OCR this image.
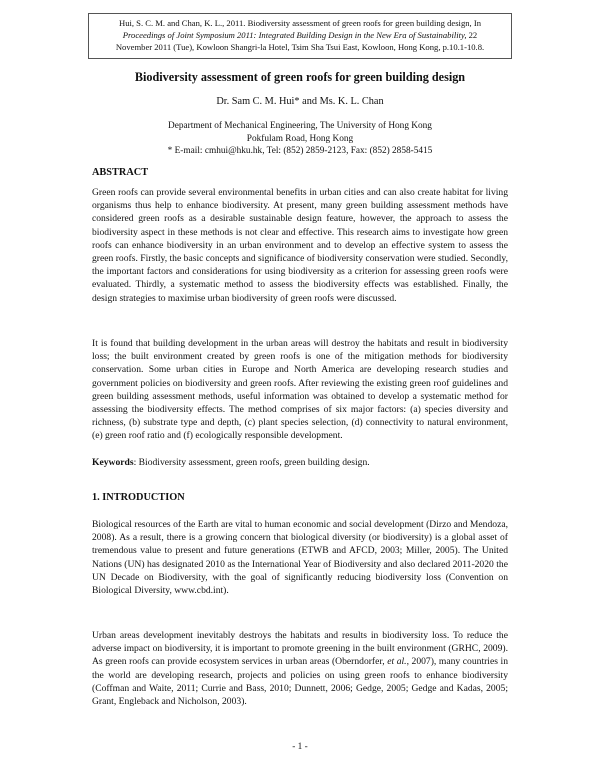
Hui, S. C. M. and Chan, K. L., 2011. Biodiversity assessment of green roofs for green building design, In
Proceedings of Joint Symposium 2011: Integrated Building Design in the New Era of Sustainability, 22
November 2011 (Tue), Kowloon Shangri-la Hotel, Tsim Sha Tsui East, Kowloon, Hong Kong, p.10.1-10.8.
Biodiversity assessment of green roofs for green building design
Dr. Sam C. M. Hui* and Ms. K. L. Chan
Department of Mechanical Engineering, The University of Hong Kong
Pokfulam Road, Hong Kong
* E-mail: cmhui@hku.hk, Tel: (852) 2859-2123, Fax: (852) 2858-5415
ABSTRACT

Green roofs can provide several environmental benefits in urban cities and can also create habitat for living organisms thus help to enhance biodiversity. At present, many green building assessment methods have considered green roofs as a desirable sustainable design feature, however, the approach to assess the biodiversity aspect in these methods is not clear and effective. This research aims to investigate how green roofs can enhance biodiversity in an urban environment and to develop an effective system to assess the green roofs. Firstly, the basic concepts and significance of biodiversity conservation were studied. Secondly, the important factors and considerations for using biodiversity as a criterion for assessing green roofs were evaluated. Thirdly, a systematic method to assess the biodiversity effects was established. Finally, the design strategies to maximise urban biodiversity of green roofs were discussed.

It is found that building development in the urban areas will destroy the habitats and result in biodiversity loss; the built environment created by green roofs is one of the mitigation methods for biodiversity conservation. Some urban cities in Europe and North America are developing research studies and government policies on biodiversity and green roofs. After reviewing the existing green roof guidelines and green building assessment methods, useful information was obtained to develop a systematic method for assessing the biodiversity effects. The method comprises of six major factors: (a) species diversity and richness, (b) substrate type and depth, (c) plant species selection, (d) connectivity to natural environment, (e) green roof ratio and (f) ecologically responsible development.

Keywords: Biodiversity assessment, green roofs, green building design.
1. INTRODUCTION

Biological resources of the Earth are vital to human economic and social development (Dirzo and Mendoza, 2008). As a result, there is a growing concern that biological diversity (or biodiversity) is a global asset of tremendous value to present and future generations (ETWB and AFCD, 2003; Miller, 2005). The United Nations (UN) has designated 2010 as the International Year of Biodiversity and also declared 2011-2020 the UN Decade on Biodiversity, with the goal of significantly reducing biodiversity loss (Convention on Biological Diversity, www.cbd.int).

Urban areas development inevitably destroys the habitats and results in biodiversity loss. To reduce the adverse impact on biodiversity, it is important to promote greening in the built environment (GRHC, 2009). As green roofs can provide ecosystem services in urban areas (Oberndorfer, et al., 2007), many countries in the world are developing research, projects and policies on using green roofs to enhance biodiversity (Coffman and Waite, 2011; Currie and Bass, 2010; Dunnett, 2006; Gedge, 2005; Gedge and Kadas, 2005; Grant, Engleback and Nicholson, 2003).

- 1 -
